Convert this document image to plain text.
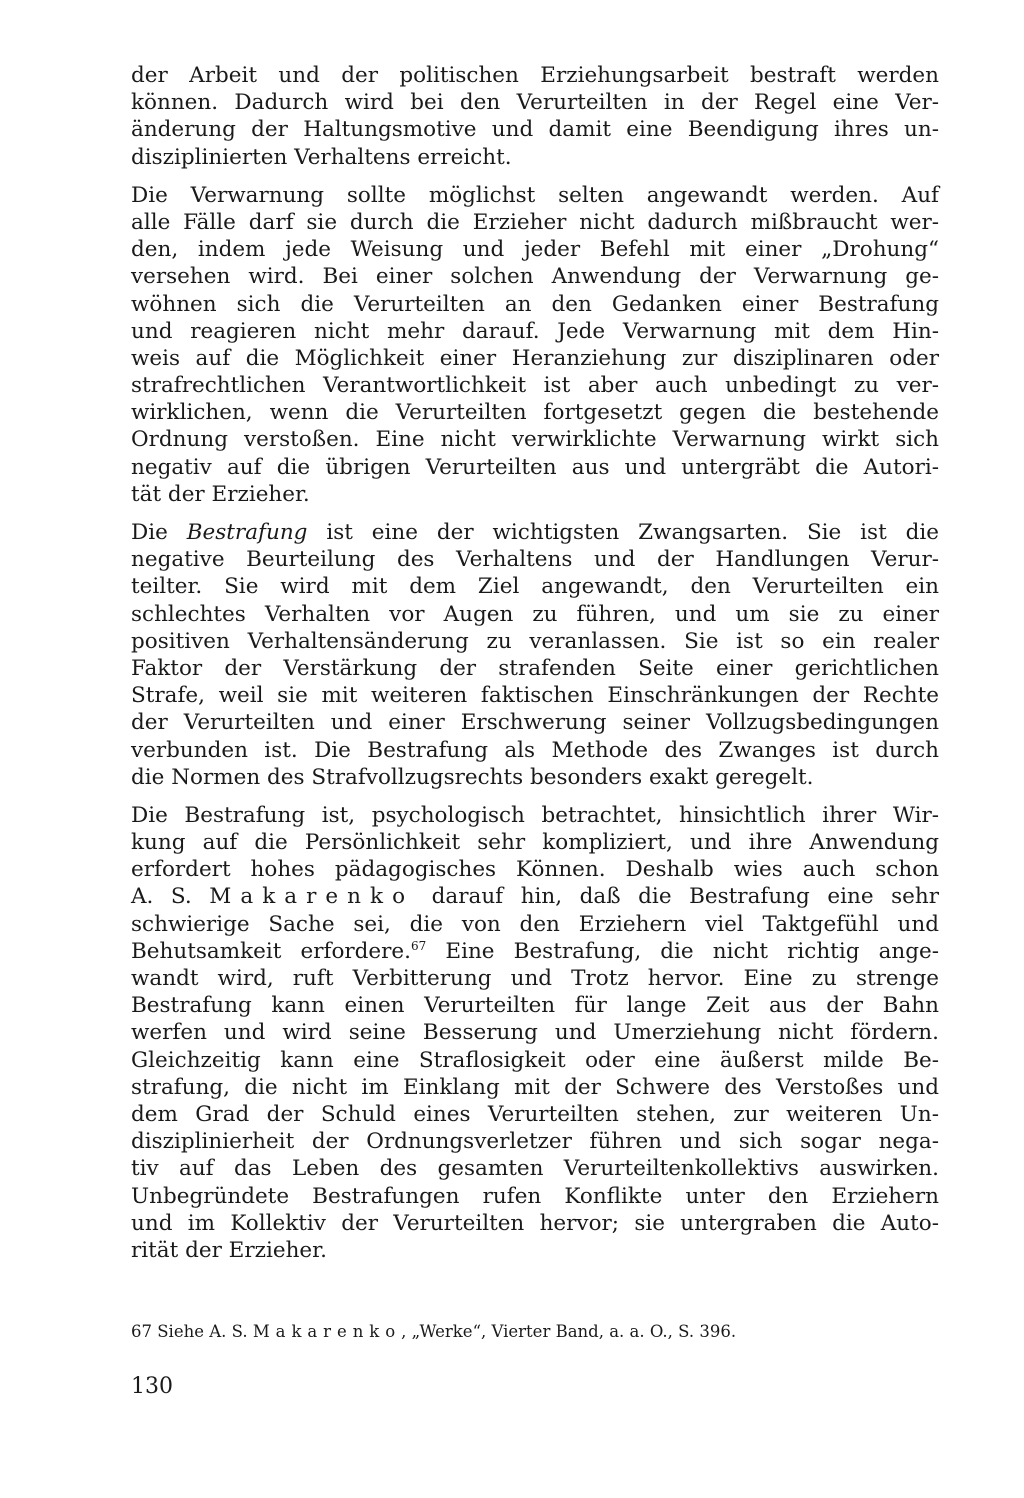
der Arbeit und der politischen Erziehungsarbeit bestraft werden
können. Dadurch wird bei den Verurteilten in der Regel eine Ver-
änderung der Haltungsmotive und damit eine Beendigung ihres un-
disziplinierten Verhaltens erreicht.
Die Verwarnung sollte möglichst selten angewandt werden. Auf
alle Fälle darf sie durch die Erzieher nicht dadurch mißbraucht wer-
den, indem jede Weisung und jeder Befehl mit einer „Drohung“
versehen wird. Bei einer solchen Anwendung der Verwarnung ge-
wöhnen sich die Verurteilten an den Gedanken einer Bestrafung
und reagieren nicht mehr darauf. Jede Verwarnung mit dem Hin-
weis auf die Möglichkeit einer Heranziehung zur disziplinaren oder
strafrechtlichen Verantwortlichkeit ist aber auch unbedingt zu ver-
wirklichen, wenn die Verurteilten fortgesetzt gegen die bestehende
Ordnung verstoßen. Eine nicht verwirklichte Verwarnung wirkt sich
negativ auf die übrigen Verurteilten aus und untergräbt die Autori-
tät der Erzieher.
Die Bestrafung ist eine der wichtigsten Zwangsarten. Sie ist die
negative Beurteilung des Verhaltens und der Handlungen Verur-
teilter. Sie wird mit dem Ziel angewandt, den Verurteilten ein
schlechtes Verhalten vor Augen zu führen, und um sie zu einer
positiven Verhaltensänderung zu veranlassen. Sie ist so ein realer
Faktor der Verstärkung der strafenden Seite einer gerichtlichen
Strafe, weil sie mit weiteren faktischen Einschränkungen der Rechte
der Verurteilten und einer Erschwerung seiner Vollzugsbedingungen
verbunden ist. Die Bestrafung als Methode des Zwanges ist durch
die Normen des Strafvollzugsrechts besonders exakt geregelt.
Die Bestrafung ist, psychologisch betrachtet, hinsichtlich ihrer Wir-
kung auf die Persönlichkeit sehr kompliziert, und ihre Anwendung
erfordert hohes pädagogisches Können. Deshalb wies auch schon
A. S. Makarenko darauf hin, daß die Bestrafung eine sehr
schwierige Sache sei, die von den Erziehern viel Taktgefühl und
Behutsamkeit erfordere.$^{67}$ Eine Bestrafung, die nicht richtig ange-
wandt wird, ruft Verbitterung und Trotz hervor. Eine zu strenge
Bestrafung kann einen Verurteilten für lange Zeit aus der Bahn
werfen und wird seine Besserung und Umerziehung nicht fördern.
Gleichzeitig kann eine Straflosigkeit oder eine äußerst milde Be-
strafung, die nicht im Einklang mit der Schwere des Verstoßes und
dem Grad der Schuld eines Verurteilten stehen, zur weiteren Un-
disziplinierheit der Ordnungsverletzer führen und sich sogar nega-
tiv auf das Leben des gesamten Verurteiltenkollektivs auswirken.
Unbegründete Bestrafungen rufen Konflikte unter den Erziehern
und im Kollektiv der Verurteilten hervor; sie untergraben die Auto-
rität der Erzieher.
67 Siehe A. S. Makarenko, „Werke“, Vierter Band, a. a. O., S. 396.
130
